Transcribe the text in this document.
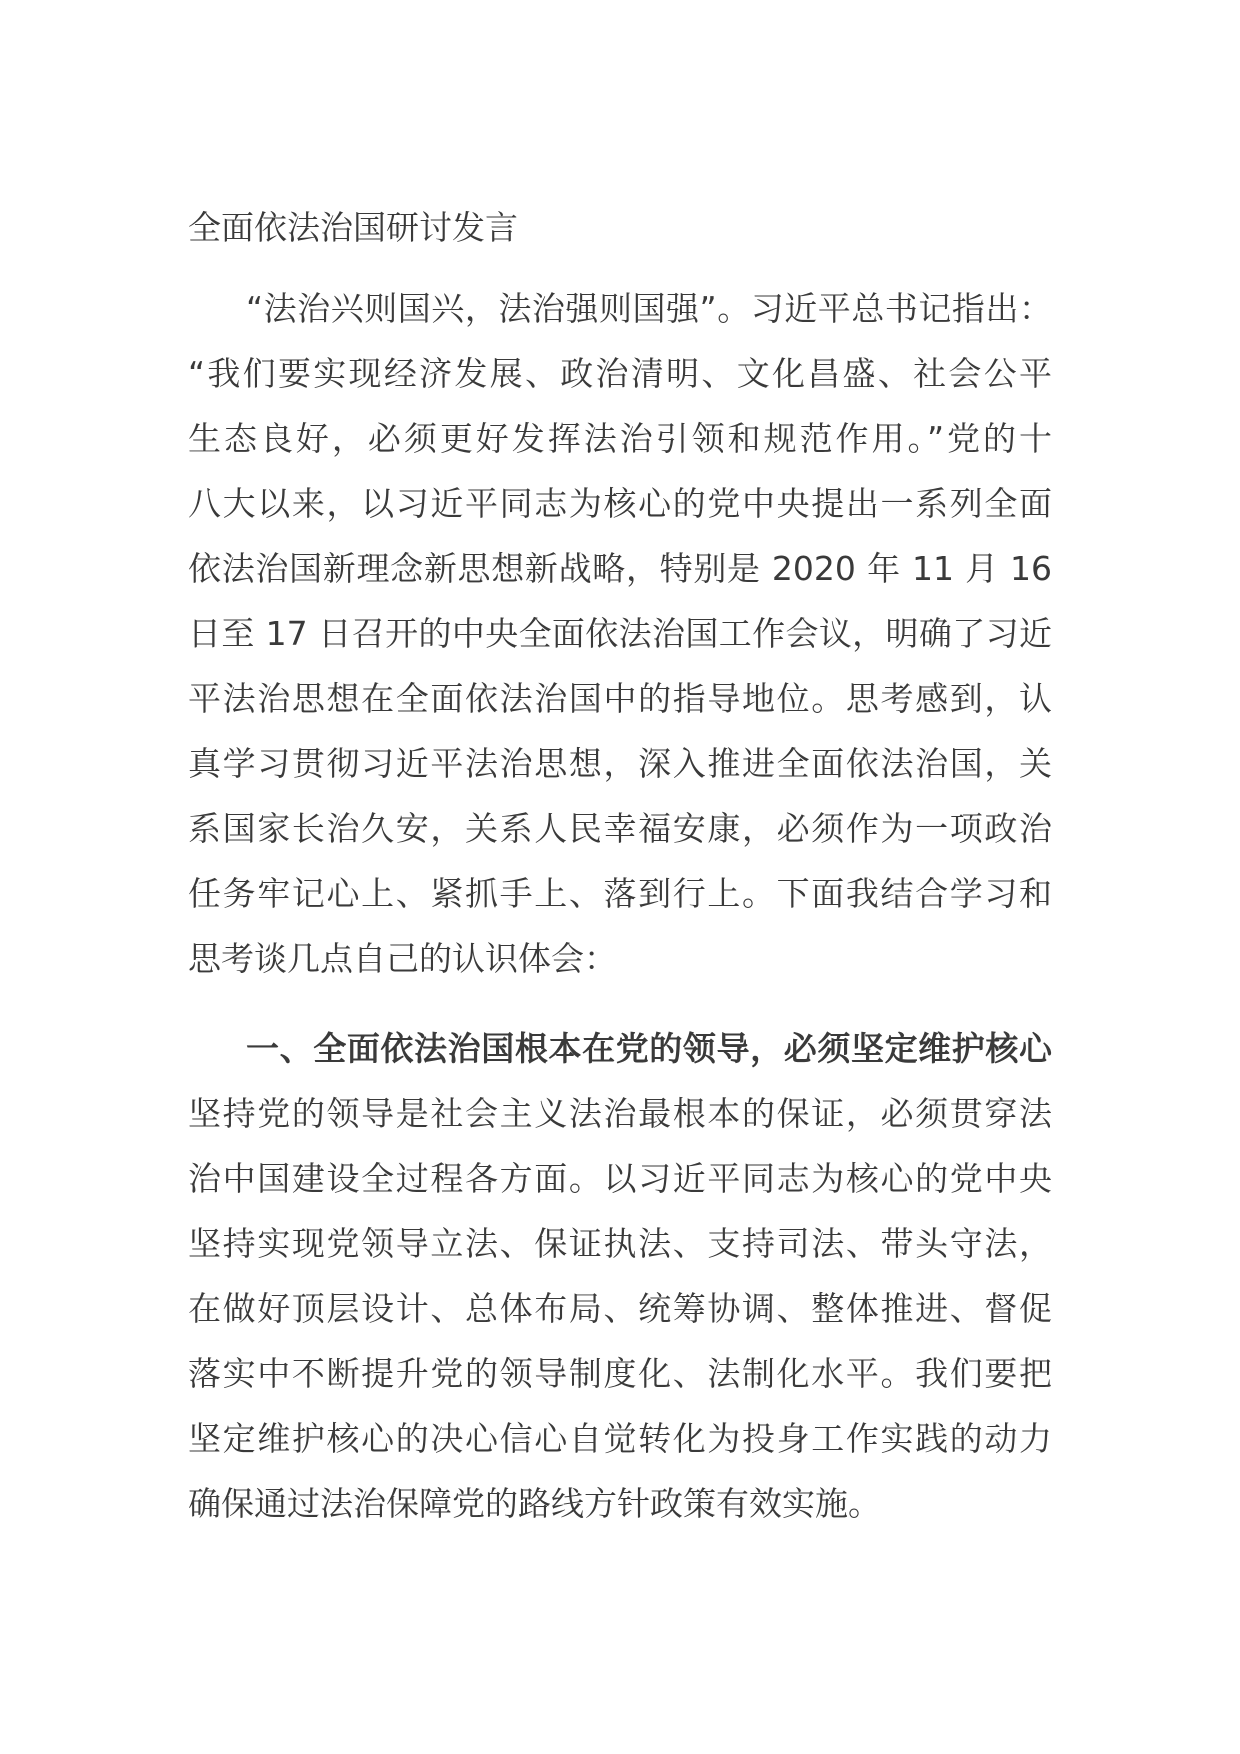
全面依法治国研讨发言
“法治兴则国兴，法治强则国强”。习近平总书记指出：
“我们要实现经济发展、政治清明、文化昌盛、社会公平
生态良好，必须更好发挥法治引领和规范作用。”党的十
八大以来，以习近平同志为核心的党中央提出一系列全面
依法治国新理念新思想新战略，特别是 2020 年 11 月 16
日至 17 日召开的中央全面依法治国工作会议，明确了习近
平法治思想在全面依法治国中的指导地位。思考感到，认
真学习贯彻习近平法治思想，深入推进全面依法治国，关
系国家长治久安，关系人民幸福安康，必须作为一项政治
任务牢记心上、紧抓手上、落到行上。下面我结合学习和
思考谈几点自己的认识体会：
一、全面依法治国根本在党的领导，必须坚定维护核心
坚持党的领导是社会主义法治最根本的保证，必须贯穿法
治中国建设全过程各方面。以习近平同志为核心的党中央
坚持实现党领导立法、保证执法、支持司法、带头守法，
在做好顶层设计、总体布局、统筹协调、整体推进、督促
落实中不断提升党的领导制度化、法制化水平。我们要把
坚定维护核心的决心信心自觉转化为投身工作实践的动力
确保通过法治保障党的路线方针政策有效实施。
